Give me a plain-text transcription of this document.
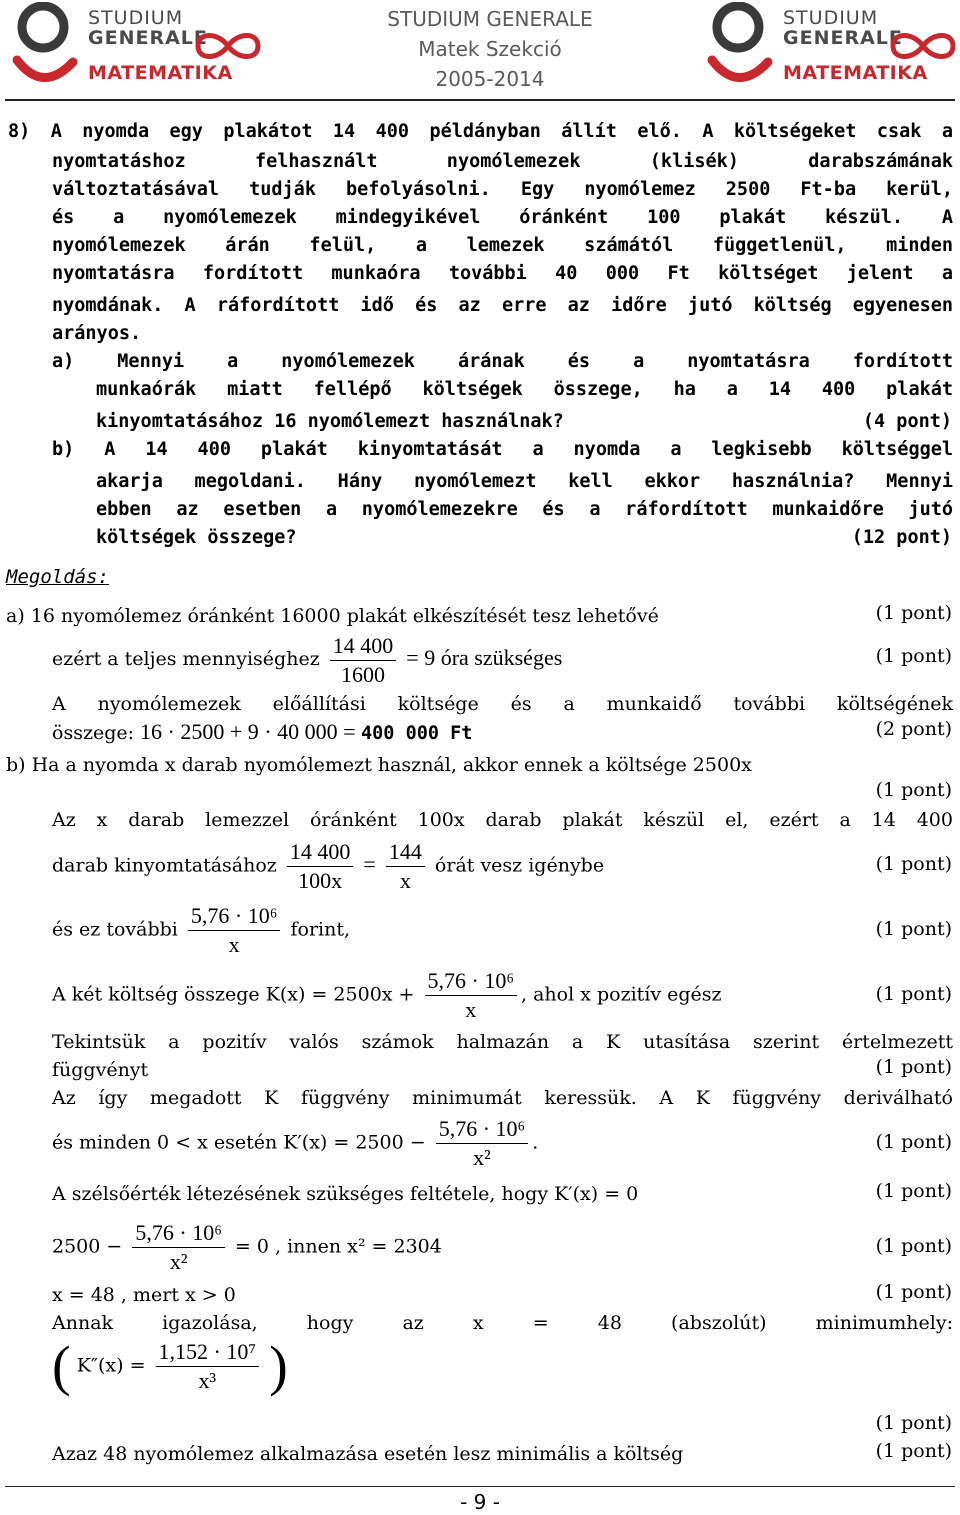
STUDIUM
GENERALE
MATEMATIKA
STUDIUM GENERALE
Matek Szekció
2005-2014
STUDIUM
GENERALE
MATEMATIKA
8) A nyomda egy plakátot 14 400 példányban állít elő. A költségeket csak a
nyomtatáshoz felhasznált nyomólemezek (klisék) darabszámának
változtatásával tudják befolyásolni. Egy nyomólemez 2500 Ft-ba kerül,
és a nyomólemezek mindegyikével óránként 100 plakát készül. A
nyomólemezek árán felül, a lemezek számától függetlenül, minden
nyomtatásra fordított munkaóra további 40 000 Ft költséget jelent a
nyomdának. A ráfordított idő és az erre az időre jutó költség egyenesen
arányos.
a) Mennyi a nyomólemezek árának és a nyomtatásra fordított
munkaórák miatt fellépő költségek összege, ha a 14 400 plakát
kinyomtatásához 16 nyomólemezt használnak?	(4 pont)
b) A 14 400 plakát kinyomtatását a nyomda a legkisebb költséggel
akarja megoldani. Hány nyomólemezt kell ekkor használnia? Mennyi
ebben az esetben a nyomólemezekre és a ráfordított munkaidőre jutó
költségek összege?	(12 pont)
Megoldás:
a) 16 nyomólemez óránként 16000 plakát elkészítését tesz lehetővé	(1 pont)
ezért a teljes mennyiséghez $\frac{14 400}{1600} = 9$ óra szükséges	(1 pont)
A nyomólemezek előállítási költsége és a munkaidő további költségének
összege: 16 · 2500 + 9 · 40 000 = 400 000 Ft	(2 pont)
b) Ha a nyomda x darab nyomólemezt használ, akkor ennek a költsége 2500x
(1 pont)
Az x darab lemezzel óránként 100x darab plakát készül el, ezért a 14 400
darab kinyomtatásához $\frac{14 400}{100x} = \frac{144}{x}$ órát vesz igénybe	(1 pont)
és ez további $\frac{\text{5,76 · 10⁶}}{x}$ forint,	(1 pont)
A két költség összege $K(x) = 2500x + \frac{\text{5,76 · 10⁶}}{x}$ , ahol x pozitív egész	(1 pont)
Tekintsük a pozitív valós számok halmazán a K utasítása szerint értelmezett
függvényt	(1 pont)
Az így megadott K függvény minimumát keressük. A K függvény deriválható
és minden 0 < x esetén $K'(x) = 2500 - \frac{\text{5,76 · 10⁶}}{\text{x²}}$ .	(1 pont)
A szélsőérték létezésének szükséges feltétele, hogy K′(x) = 0	(1 pont)
$2500 - \frac{\text{5,76 · 10⁶}}{\text{x²}} = 0$ , innen x² = 2304	(1 pont)
x = 48 , mert x > 0	(1 pont)
Annak igazolása, hogy az x = 48 (abszolút) minimumhely:
( $K''(x) = \frac{\text{1,152 · 10⁷}}{\text{x³}}$ )
(1 pont)
Azaz 48 nyomólemez alkalmazása esetén lesz minimális a költség	(1 pont)
- 9 -
